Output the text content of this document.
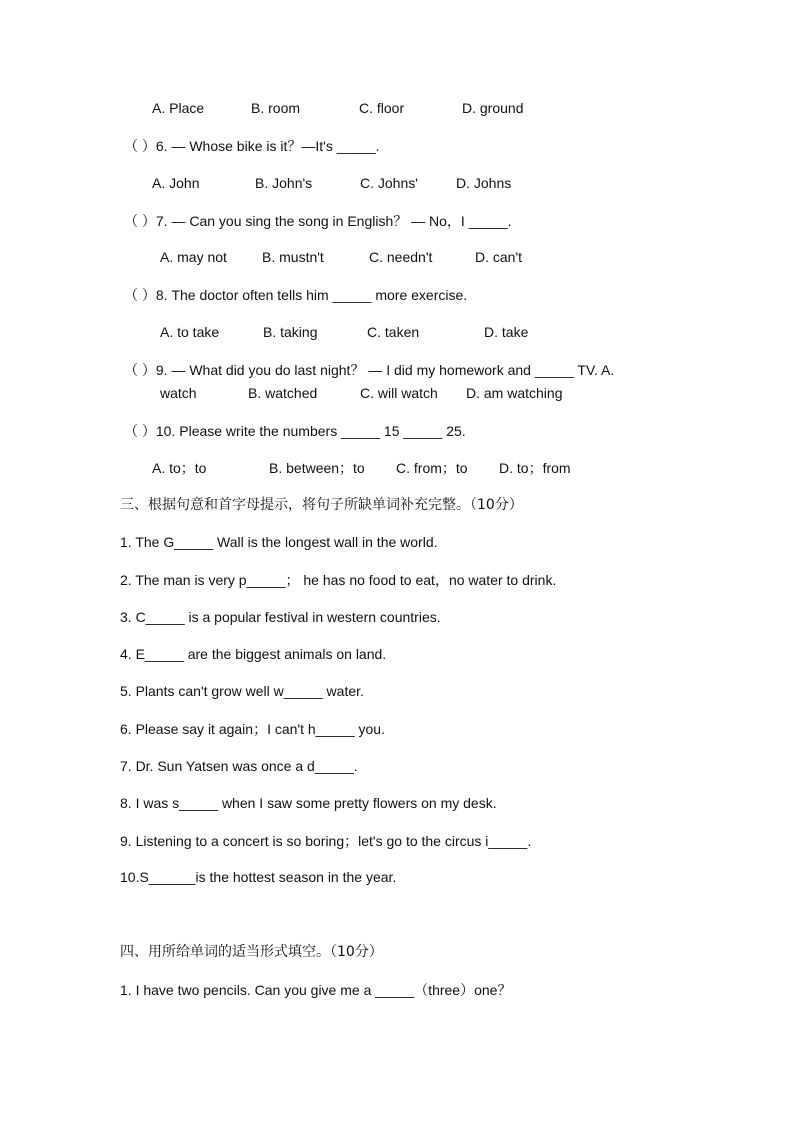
A. Place	B. room	C. floor	D. ground
（ ）6. — Whose bike is it？—It's _____.
A. John	B. John's	C. Johns'	D. Johns
（ ）7. — Can you sing the song in English？ — No，I _____.
A. may not	B. mustn't	C. needn't	D. can't
（ ）8. The doctor often tells him _____ more exercise.
A. to take	B. taking	C. taken	D. take
（ ）9. — What did you do last night？ — I did my homework and _____ TV. A.
watch	B. watched	C. will watch D. am watching
（ ）10. Please write the numbers _____ 15 _____ 25.
A. to；to	B. between；to C. from；to D. to；from
三、根据句意和首字母提示，将句子所缺单词补充完整。（10分）
1. The G_____ Wall is the longest wall in the world.
2. The man is very p_____； he has no food to eat，no water to drink.
3. C_____ is a popular festival in western countries.
4. E_____ are the biggest animals on land.
5. Plants can't grow well w_____ water.
6. Please say it again；I can't h_____ you.
7. Dr. Sun Yatsen was once a d_____.
8. I was s_____ when I saw some pretty flowers on my desk.
9. Listening to a concert is so boring；let's go to the circus i_____.
10.S______is the hottest season in the year.
四、用所给单词的适当形式填空。（10分）
1. I have two pencils. Can you give me a _____（three）one？
